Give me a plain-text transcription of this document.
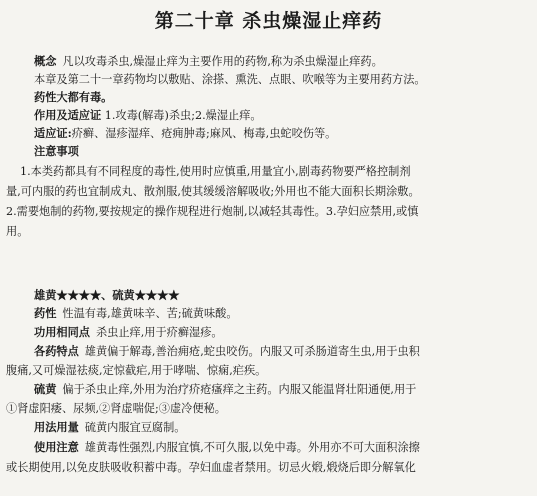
第二十章 杀虫燥湿止痒药
概念 凡以攻毒杀虫,燥湿止痒为主要作用的药物,称为杀虫燥湿止痒药。
本章及第二十一章药物均以敷贴、涂搽、熏洗、点眼、吹喉等为主要用药方法。
药性大都有毒。
作用及适应证 1.攻毒(解毒)杀虫;2.燥湿止痒。
适应证:疥癣、湿疹湿痒、疮痈肿毒;麻风、梅毒,虫蛇咬伤等。
注意事项
1.本类药都具有不同程度的毒性,使用时应慎重,用量宜小,剧毒药物要严格控制剂
量,可内服的药也宜制成丸、散剂服,使其缓缓溶解吸收;外用也不能大面积长期涂敷。
2.需要炮制的药物,要按规定的操作规程进行炮制,以减轻其毒性。3.孕妇应禁用,或慎
用。
雄黄★★★★、硫黄★★★★
药性 性温有毒,雄黄味辛、苦;硫黄味酸。
功用相同点 杀虫止痒,用于疥癣湿疹。
各药特点 雄黄偏于解毒,善治痈疮,蛇虫咬伤。内服又可杀肠道寄生虫,用于虫积
腹痛,又可燥湿祛痰,定惊截疟,用于哮喘、惊痫,疟疾。
硫黄 偏于杀虫止痒,外用为治疗疥疮瘙痒之主药。内服又能温肾壮阳通便,用于
①肾虚阳痿、尿频,②肾虚喘促;③虚冷便秘。
用法用量 硫黄内服宜豆腐制。
使用注意 雄黄毒性强烈,内服宜慎,不可久服,以免中毒。外用亦不可大面积涂擦
或长期使用,以免皮肤吸收积蓄中毒。孕妇血虚者禁用。切忌火煅,煅烧后即分解氧化
